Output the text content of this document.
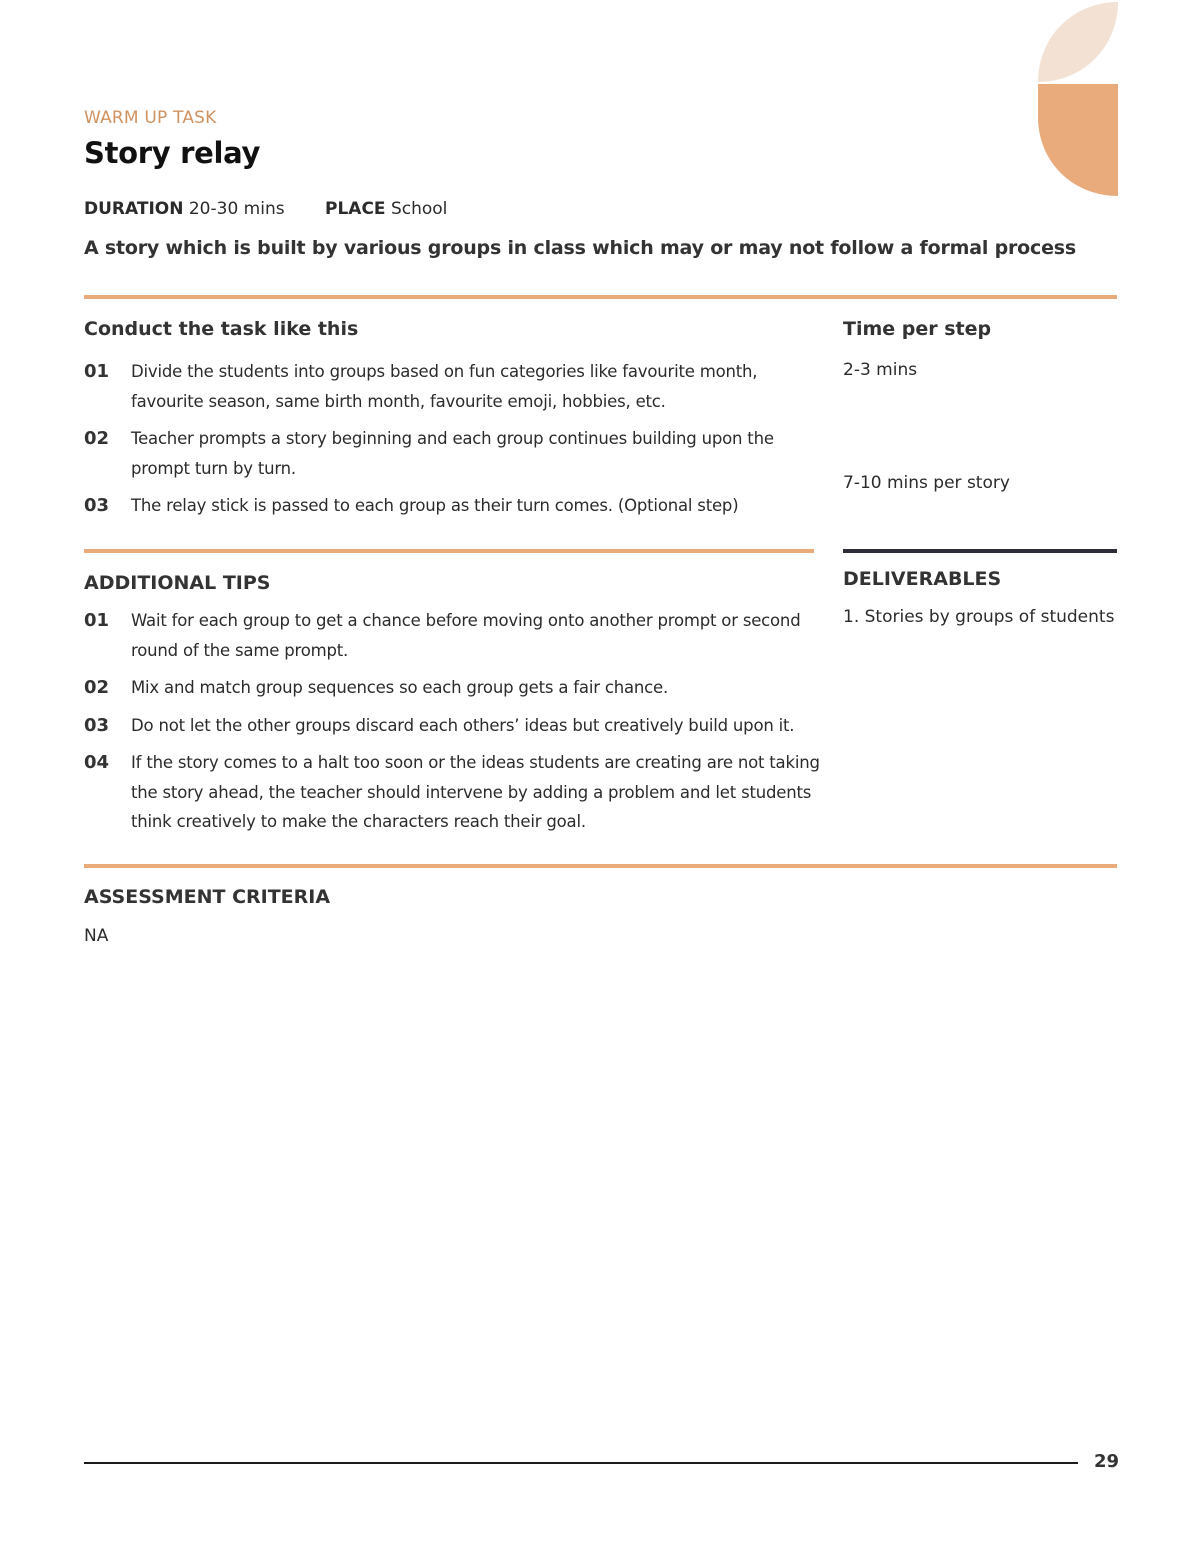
WARM UP TASK
Story relay
DURATION 20-30 mins PLACE School
A story which is built by various groups in class which may or may not follow a formal process
Conduct the task like this
01	Divide the students into groups based on fun categories like favourite month, favourite season, same birth month, favourite emoji, hobbies, etc.
02	Teacher prompts a story beginning and each group continues building upon the prompt turn by turn.
03	The relay stick is passed to each group as their turn comes. (Optional step)
Time per step
2-3 mins
7-10 mins per story
ADDITIONAL TIPS
01	Wait for each group to get a chance before moving onto another prompt or second round of the same prompt.
02	Mix and match group sequences so each group gets a fair chance.
03	Do not let the other groups discard each others’ ideas but creatively build upon it.
04	If the story comes to a halt too soon or the ideas students are creating are not taking the story ahead, the teacher should intervene by adding a problem and let students think creatively to make the characters reach their goal.
DELIVERABLES
1. Stories by groups of students
ASSESSMENT CRITERIA
NA
29
